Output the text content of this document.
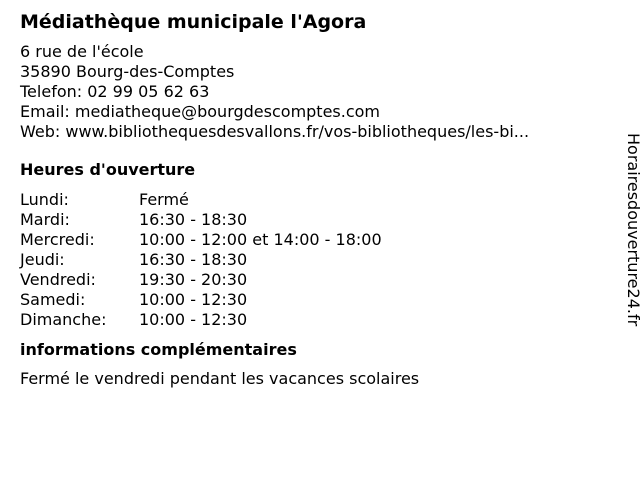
Médiathèque municipale l'Agora
6 rue de l'école
35890 Bourg-des-Comptes
Telefon: 02 99 05 62 63
Email: mediatheque@bourgdescomptes.com
Web: www.bibliothequesdesvallons.fr/vos-bibliotheques/les-bi...
Heures d'ouverture
Lundi:	Fermé
Mardi:	16:30 - 18:30
Mercredi:	10:00 - 12:00 et 14:00 - 18:00
Jeudi:	16:30 - 18:30
Vendredi:	19:30 - 20:30
Samedi:	10:00 - 12:30
Dimanche:	10:00 - 12:30
informations complémentaires
Fermé le vendredi pendant les vacances scolaires
Horairesdouverture24.fr
